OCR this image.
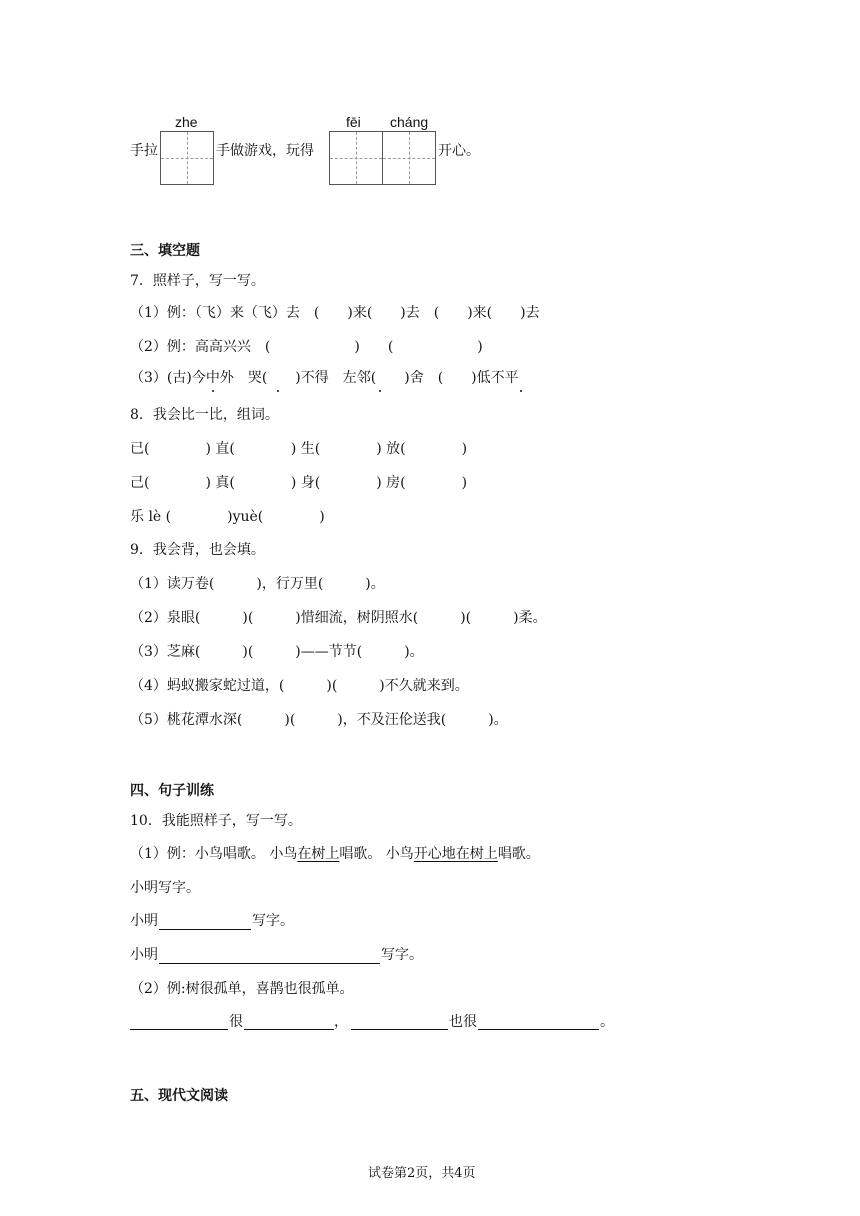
zhe	fēi cháng
手拉	手做游戏，玩得	开心。
三、填空题
7．照样子，写一写。
（1）例：（飞）来（飞）去　(　　)来(　　)去　(　　)来(　　)去
（2）例：高高兴兴　(　　　　　　)　　(　　　　　　)
（3）(古)今中外　哭(　　)不得　左邻(　　)舍　(　　)低不平
8．我会比一比，组词。
已(　　　　) 直(　　　　) 生(　　　　) 放(　　　　)
己(　　　　) 真(　　　　) 身(　　　　) 房(　　　　)
乐 lè (　　　　)yuè(　　　　)
9．我会背，也会填。
（1）读万卷(　　　)，行万里(　　　)。
（2）泉眼(　　　)(　　　)惜细流，树阴照水(　　　)(　　　)柔。
（3）芝麻(　　　)(　　　)——节节(　　　)。
（4）蚂蚁搬家蛇过道，(　　　)(　　　)不久就来到。
（5）桃花潭水深(　　　)(　　　)，不及汪伦送我(　　　)。
四、句子训练
10．我能照样子，写一写。
（1）例：小鸟唱歌。 小鸟在树上唱歌。 小鸟开心地在树上唱歌。
小明写字。
小明	写字。
小明	写字。
（2）例:树很孤单，喜鹊也很孤单。
很	，	也很	。
五、现代文阅读
试卷第2页，共4页
